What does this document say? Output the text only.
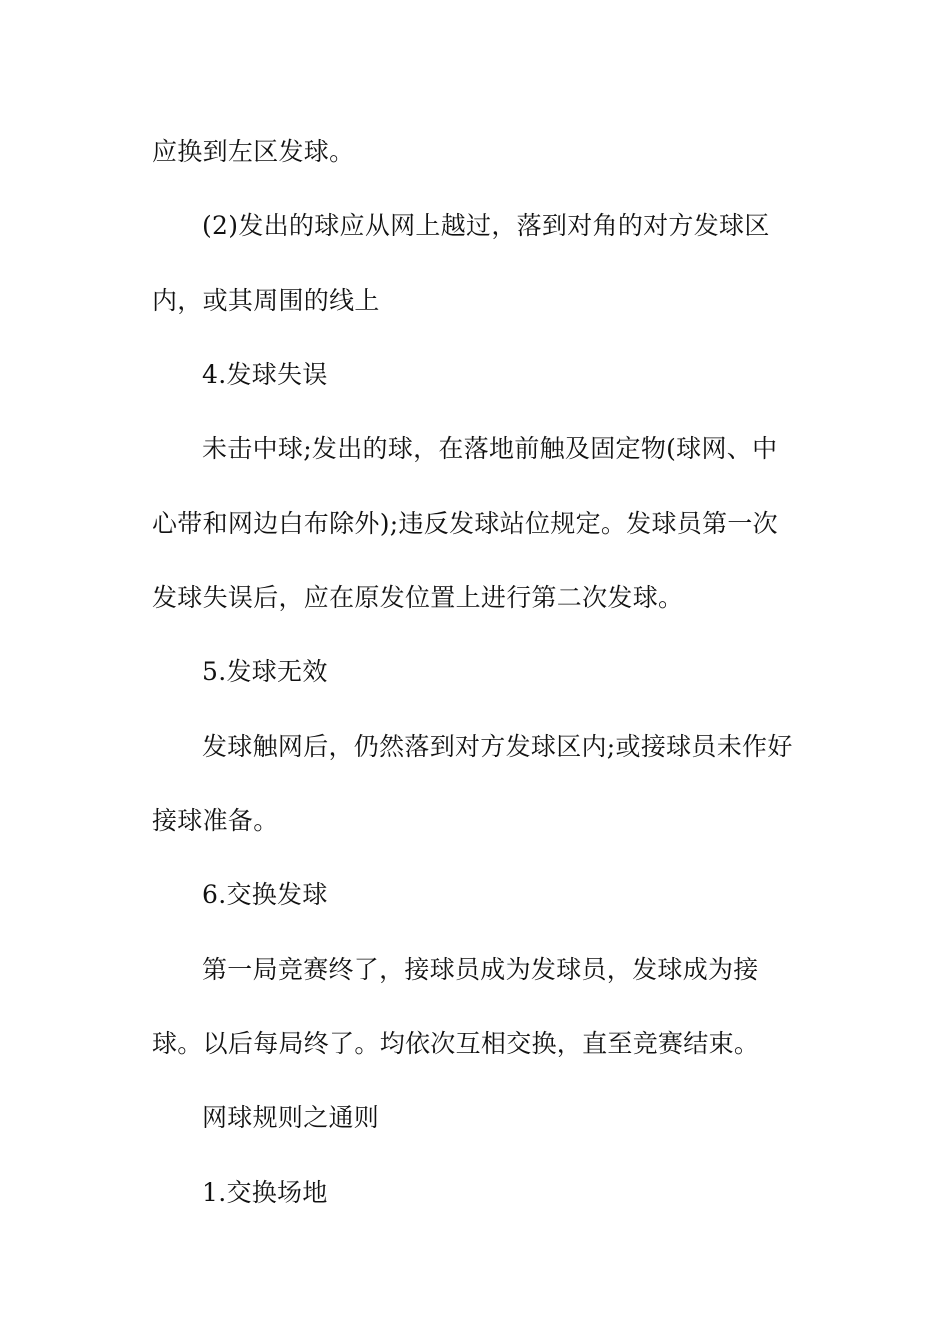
应换到左区发球。
(2)发出的球应从网上越过，落到对角的对方发球区
内，或其周围的线上
4.发球失误
未击中球;发出的球，在落地前触及固定物(球网、中
心带和网边白布除外);违反发球站位规定。发球员第一次
发球失误后，应在原发位置上进行第二次发球。
5.发球无效
发球触网后，仍然落到对方发球区内;或接球员未作好
接球准备。
6.交换发球
第一局竞赛终了，接球员成为发球员，发球成为接
球。以后每局终了。均依次互相交换，直至竞赛结束。
网球规则之通则
1.交换场地
